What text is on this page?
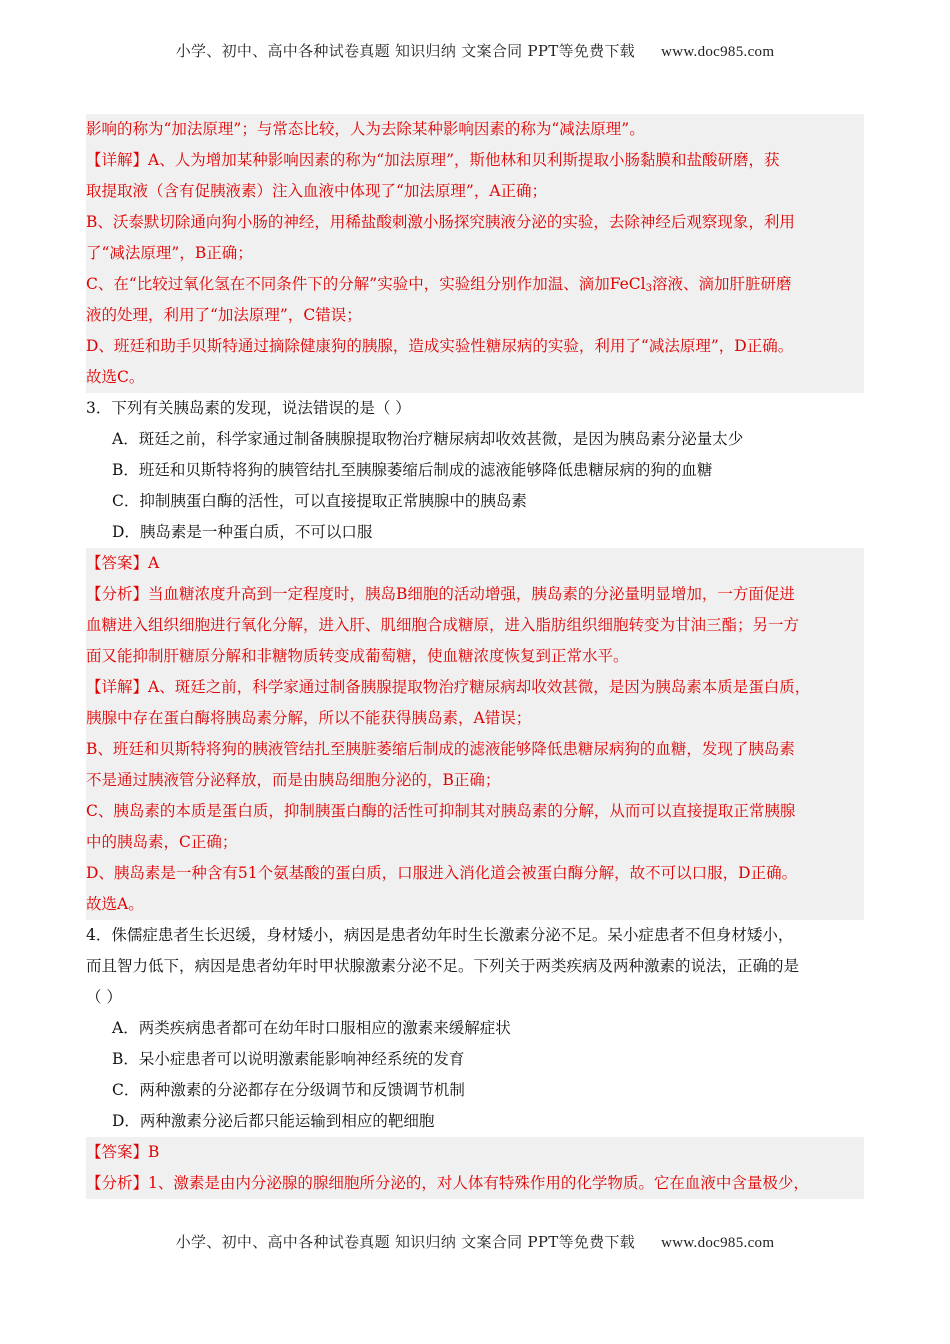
小学、初中、高中各种试卷真题 知识归纳 文案合同 PPT等免费下载 www.doc985.com
影响的称为“加法原理”；与常态比较，人为去除某种影响因素的称为“减法原理”。
【详解】A、人为增加某种影响因素的称为“加法原理”，斯他林和贝利斯提取小肠黏膜和盐酸研磨，获
取提取液（含有促胰液素）注入血液中体现了“加法原理”，A正确；
B、沃泰默切除通向狗小肠的神经，用稀盐酸刺激小肠探究胰液分泌的实验，去除神经后观察现象，利用
了“减法原理”，B正确；
C、在“比较过氧化氢在不同条件下的分解”实验中，实验组分别作加温、滴加FeCl$_3$溶液、滴加肝脏研磨
液的处理，利用了“加法原理”，C错误；
D、班廷和助手贝斯特通过摘除健康狗的胰腺，造成实验性糖尿病的实验，利用了“减法原理”，D正确。
故选C。
3．下列有关胰岛素的发现，说法错误的是（ ）
A．斑廷之前，科学家通过制备胰腺提取物治疗糖尿病却收效甚微，是因为胰岛素分泌量太少
B．班廷和贝斯特将狗的胰管结扎至胰腺萎缩后制成的滤液能够降低患糖尿病的狗的血糖
C．抑制胰蛋白酶的活性，可以直接提取正常胰腺中的胰岛素
D．胰岛素是一种蛋白质，不可以口服
【答案】A
【分析】当血糖浓度升高到一定程度时，胰岛B细胞的活动增强，胰岛素的分泌量明显增加，一方面促进
血糖进入组织细胞进行氧化分解，进入肝、肌细胞合成糖原，进入脂肪组织细胞转变为甘油三酯；另一方
面又能抑制肝糖原分解和非糖物质转变成葡萄糖，使血糖浓度恢复到正常水平。
【详解】A、斑廷之前，科学家通过制备胰腺提取物治疗糖尿病却收效甚微，是因为胰岛素本质是蛋白质，
胰腺中存在蛋白酶将胰岛素分解，所以不能获得胰岛素，A错误；
B、班廷和贝斯特将狗的胰液管结扎至胰脏萎缩后制成的滤液能够降低患糖尿病狗的血糖，发现了胰岛素
不是通过胰液管分泌释放，而是由胰岛细胞分泌的，B正确；
C、胰岛素的本质是蛋白质，抑制胰蛋白酶的活性可抑制其对胰岛素的分解，从而可以直接提取正常胰腺
中的胰岛素，C正确；
D、胰岛素是一种含有51个氨基酸的蛋白质，口服进入消化道会被蛋白酶分解，故不可以口服，D正确。
故选A。
4．侏儒症患者生长迟缓，身材矮小，病因是患者幼年时生长激素分泌不足。呆小症患者不但身材矮小，
而且智力低下，病因是患者幼年时甲状腺激素分泌不足。下列关于两类疾病及两种激素的说法，正确的是
（ ）
A．两类疾病患者都可在幼年时口服相应的激素来缓解症状
B．呆小症患者可以说明激素能影响神经系统的发育
C．两种激素的分泌都存在分级调节和反馈调节机制
D．两种激素分泌后都只能运输到相应的靶细胞
【答案】B
【分析】1、激素是由内分泌腺的腺细胞所分泌的，对人体有特殊作用的化学物质。它在血液中含量极少，
小学、初中、高中各种试卷真题 知识归纳 文案合同 PPT等免费下载 www.doc985.com
